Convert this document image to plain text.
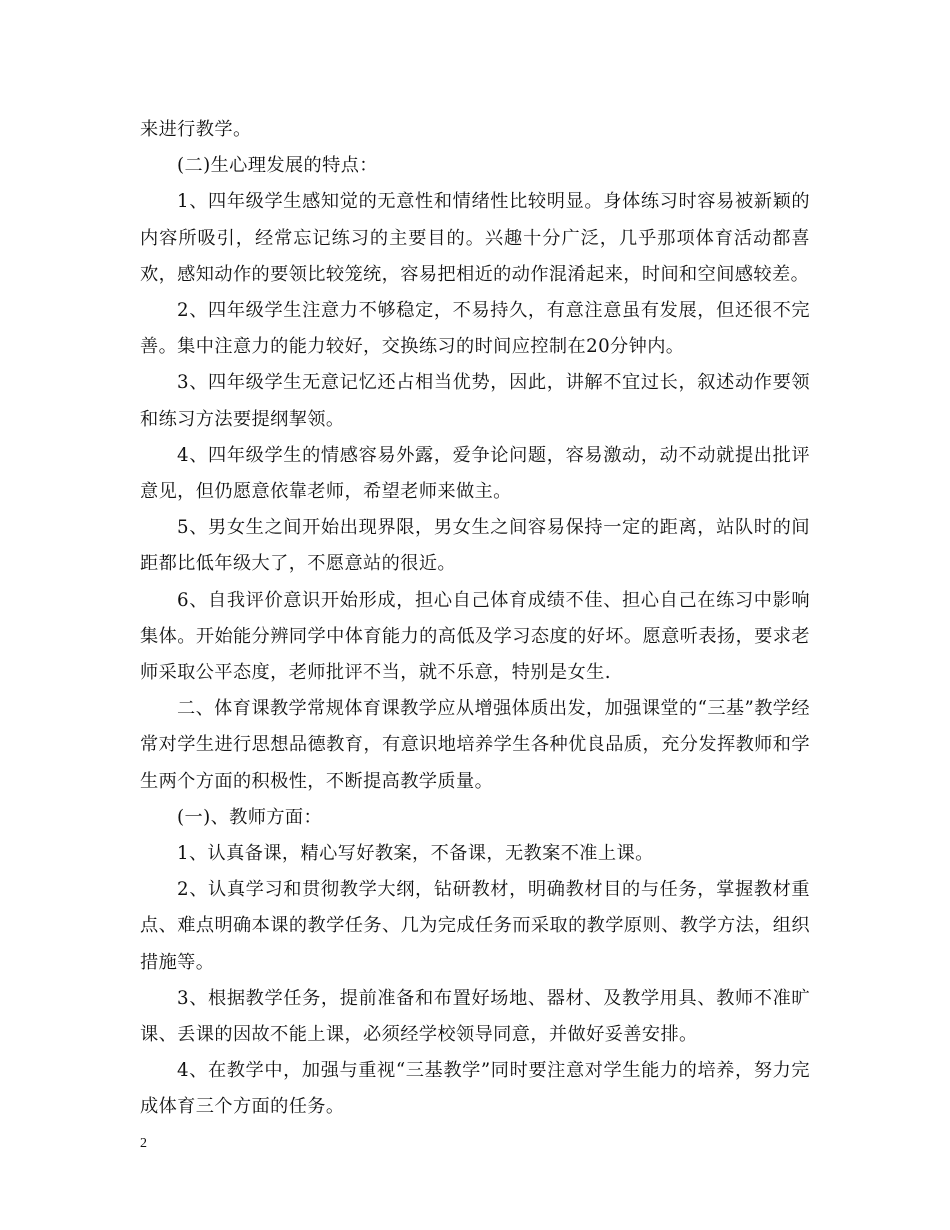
来进行教学。

(二)生心理发展的特点：

1、四年级学生感知觉的无意性和情绪性比较明显。身体练习时容易被新颖的内容所吸引，经常忘记练习的主要目的。兴趣十分广泛，几乎那项体育活动都喜欢，感知动作的要领比较笼统，容易把相近的动作混淆起来，时间和空间感较差。

2、四年级学生注意力不够稳定，不易持久，有意注意虽有发展，但还很不完善。集中注意力的能力较好，交换练习的时间应控制在20分钟内。

3、四年级学生无意记忆还占相当优势，因此，讲解不宜过长，叙述动作要领和练习方法要提纲挈领。

4、四年级学生的情感容易外露，爱争论问题，容易激动，动不动就提出批评意见，但仍愿意依靠老师，希望老师来做主。

5、男女生之间开始出现界限，男女生之间容易保持一定的距离，站队时的间距都比低年级大了，不愿意站的很近。

6、自我评价意识开始形成，担心自己体育成绩不佳、担心自己在练习中影响集体。开始能分辨同学中体育能力的高低及学习态度的好坏。愿意听表扬，要求老师采取公平态度，老师批评不当，就不乐意，特别是女生.

二、体育课教学常规体育课教学应从增强体质出发，加强课堂的“三基”教学经常对学生进行思想品德教育，有意识地培养学生各种优良品质，充分发挥教师和学生两个方面的积极性，不断提高教学质量。

(一)、教师方面：

1、认真备课，精心写好教案，不备课，无教案不准上课。

2、认真学习和贯彻教学大纲，钻研教材，明确教材目的与任务，掌握教材重点、难点明确本课的教学任务、几为完成任务而采取的教学原则、教学方法，组织措施等。

3、根据教学任务，提前准备和布置好场地、器材、及教学用具、教师不准旷课、丢课的因故不能上课，必须经学校领导同意，并做好妥善安排。

4、在教学中，加强与重视“三基教学”同时要注意对学生能力的培养，努力完成体育三个方面的任务。

2
